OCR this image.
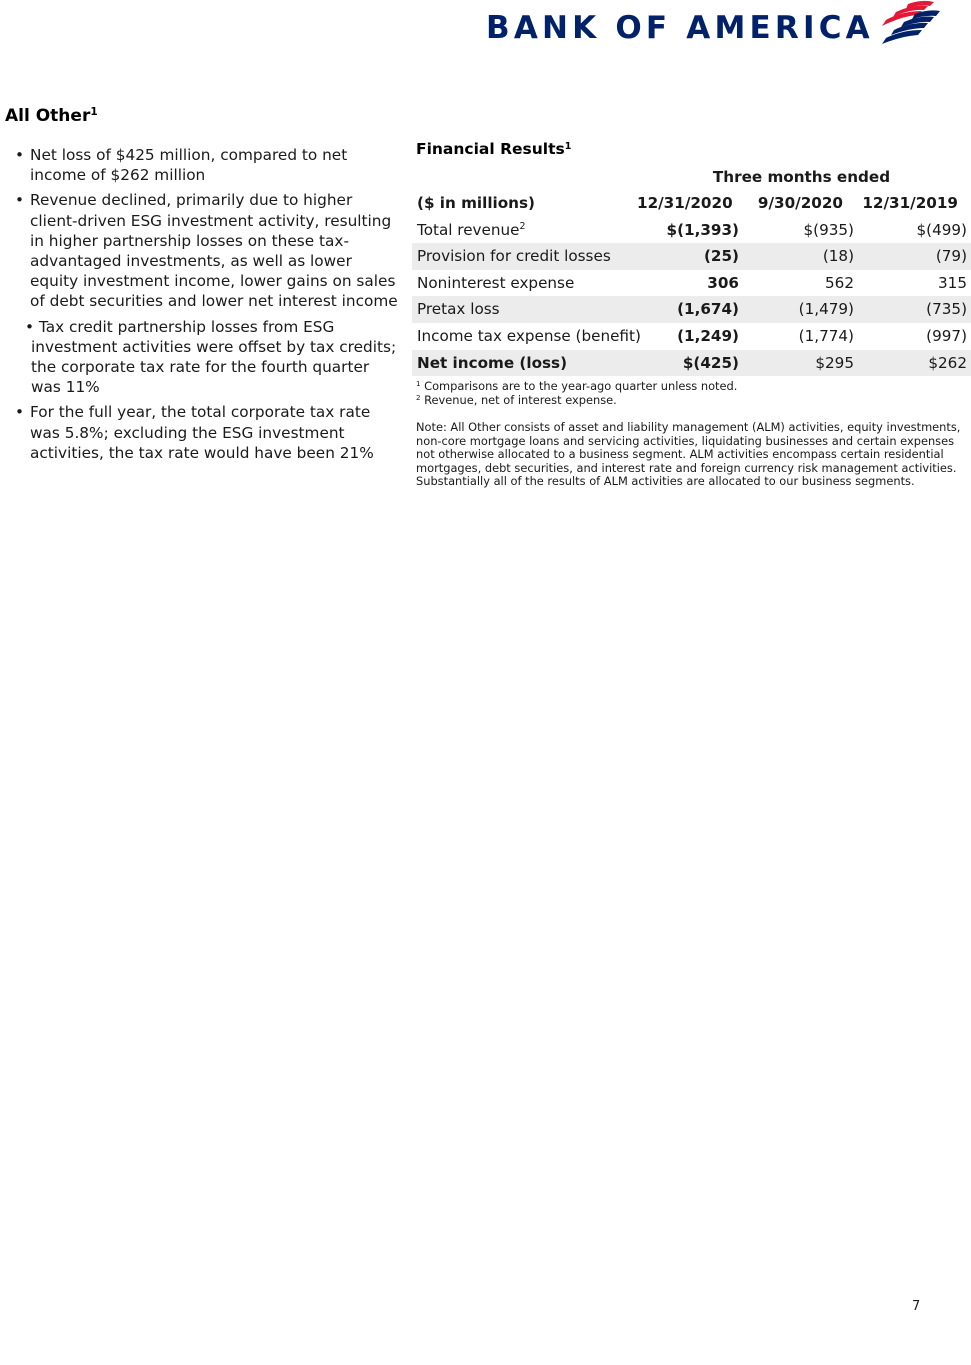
BANK OF AMERICA
All Other$^1$
• Net loss of $425 million, compared to net income of $262 million
• Revenue declined, primarily due to higher client-driven ESG investment activity, resulting in higher partnership losses on these tax-advantaged investments, as well as lower equity investment income, lower gains on sales of debt securities and lower net interest income
• Tax credit partnership losses from ESG investment activities were offset by tax credits; the corporate tax rate for the fourth quarter was 11%
• For the full year, the total corporate tax rate was 5.8%; excluding the ESG investment activities, the tax rate would have been 21%
Financial Results$^1$
Three months ended
($ in millions)	12/31/2020	9/30/2020	12/31/2019
Total revenue$^2$	$(1,393)	$(935)	$(499)
Provision for credit losses	(25)	(18)	(79)
Noninterest expense	306	562	315
Pretax loss	(1,674)	(1,479)	(735)
Income tax expense (benefit)	(1,249)	(1,774)	(997)
Net income (loss)	$(425)	$295	$262
$^1$ Comparisons are to the year-ago quarter unless noted.
$^2$ Revenue, net of interest expense.
Note: All Other consists of asset and liability management (ALM) activities, equity investments, non-core mortgage loans and servicing activities, liquidating businesses and certain expenses not otherwise allocated to a business segment. ALM activities encompass certain residential mortgages, debt securities, and interest rate and foreign currency risk management activities. Substantially all of the results of ALM activities are allocated to our business segments.
7
